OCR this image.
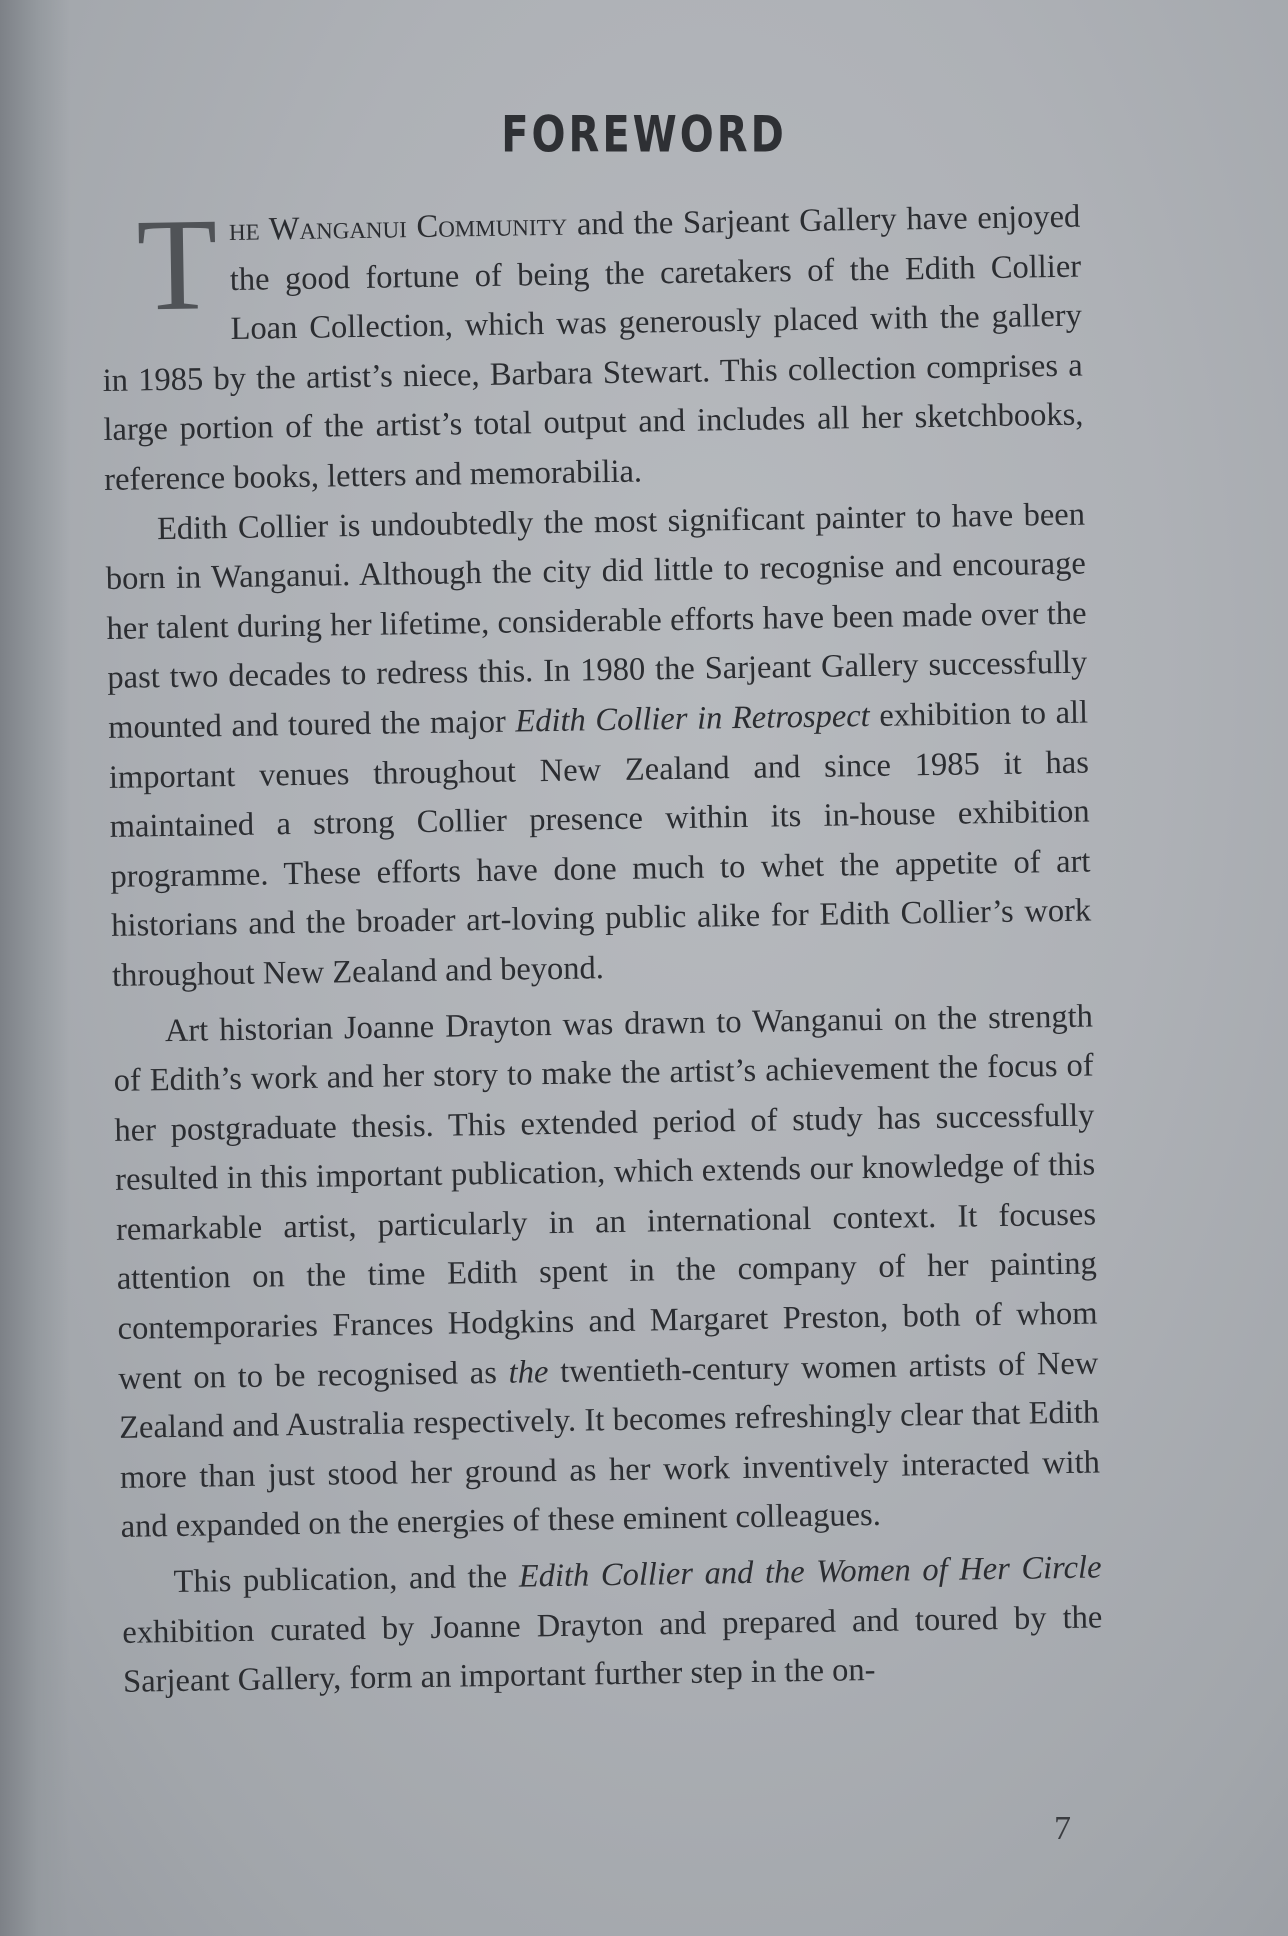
FOREWORD

The Wanganui Community and the Sarjeant Gallery have enjoyed the good fortune of being the caretakers of the Edith Collier Loan Collection, which was generously placed with the gallery in 1985 by the artist’s niece, Barbara Stewart. This collection comprises a large portion of the artist’s total output and includes all her sketchbooks, reference books, letters and memorabilia.

Edith Collier is undoubtedly the most significant painter to have been born in Wanganui. Although the city did little to recognise and encourage her talent during her lifetime, considerable efforts have been made over the past two decades to redress this. In 1980 the Sarjeant Gallery successfully mounted and toured the major Edith Collier in Retrospect exhibition to all important venues throughout New Zealand and since 1985 it has maintained a strong Collier presence within its in-house exhibition programme. These efforts have done much to whet the appetite of art historians and the broader art-loving public alike for Edith Collier’s work throughout New Zealand and beyond.

Art historian Joanne Drayton was drawn to Wanganui on the strength of Edith’s work and her story to make the artist’s achievement the focus of her postgraduate thesis. This extended period of study has successfully resulted in this important publication, which extends our knowledge of this remarkable artist, particularly in an international context. It focuses attention on the time Edith spent in the company of her painting contemporaries Frances Hodgkins and Margaret Preston, both of whom went on to be recognised as the twentieth-century women artists of New Zealand and Australia respectively. It becomes refreshingly clear that Edith more than just stood her ground as her work inventively interacted with and expanded on the energies of these eminent colleagues.

This publication, and the Edith Collier and the Women of Her Circle exhibition curated by Joanne Drayton and prepared and toured by the Sarjeant Gallery, form an important further step in the on-

7
